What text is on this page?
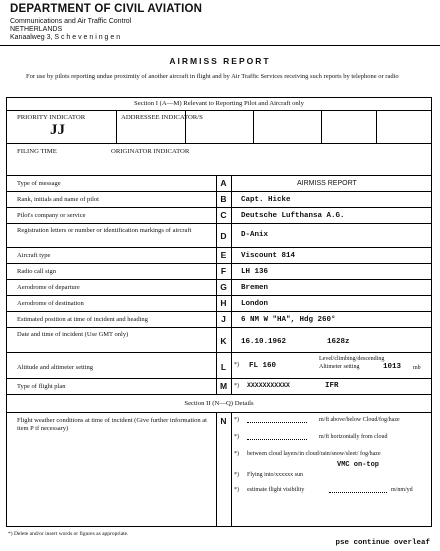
DEPARTMENT OF CIVIL AVIATION
Communications and Air Traffic Control
NETHERLANDS
Kanaalweg 3, S c h e v e n i n g e n
AIRMISS REPORT
For use by pilots reporting undue proximity of another aircraft in flight and by Air Traffic Services receiving such reports by telephone or radio
Section I (A—M) Relevant to Reporting Pilot and Aircraft only
PRIORITY INDICATOR
JJ
ADDRESSEE INDICATOR/S
FILING TIME	ORIGINATOR INDICATOR
Type of message	A	AIRMISS REPORT
Rank, initials and name of pilot	B	Capt. Hicke
Pilot's company or service	C	Deutsche Lufthansa A.G.
Registration letters or number or identification markings of aircraft
D	D-Anix
Aircraft type	E	Viscount 814
Radio call sign	F	LH 136
Aerodrome of departure	G	Bremen
Aerodrome of destination	H	London
Estimated position at time of incident and heading	J	6 NM W "HA", Hdg 260°
Date and time of incident (Use GMT only)
K	16.10.1962	1628z
Altitude and altimeter setting	L	*) FL 160
Level/climbing/descending
Altimeter setting	1013 mb
Type of flight plan	M	*) XXXXXXXXXXX	IFR
Section II (N—Q) Details
Flight weather conditions at time of incident (Give further information at item P if necessary)
N	*)	m/ft above/below Cloud/fog/haze
*)	m/ft horizontally from cloud
*) between cloud layers/in cloud/rain/snow/sleet/ fog/haze
VMC on-top
*) Flying into/xxxxxx sun
*) estimate flight visibility	m/nm/yd
*) Delete and/or insert words or figures as appropriate.
pse continue overleaf
